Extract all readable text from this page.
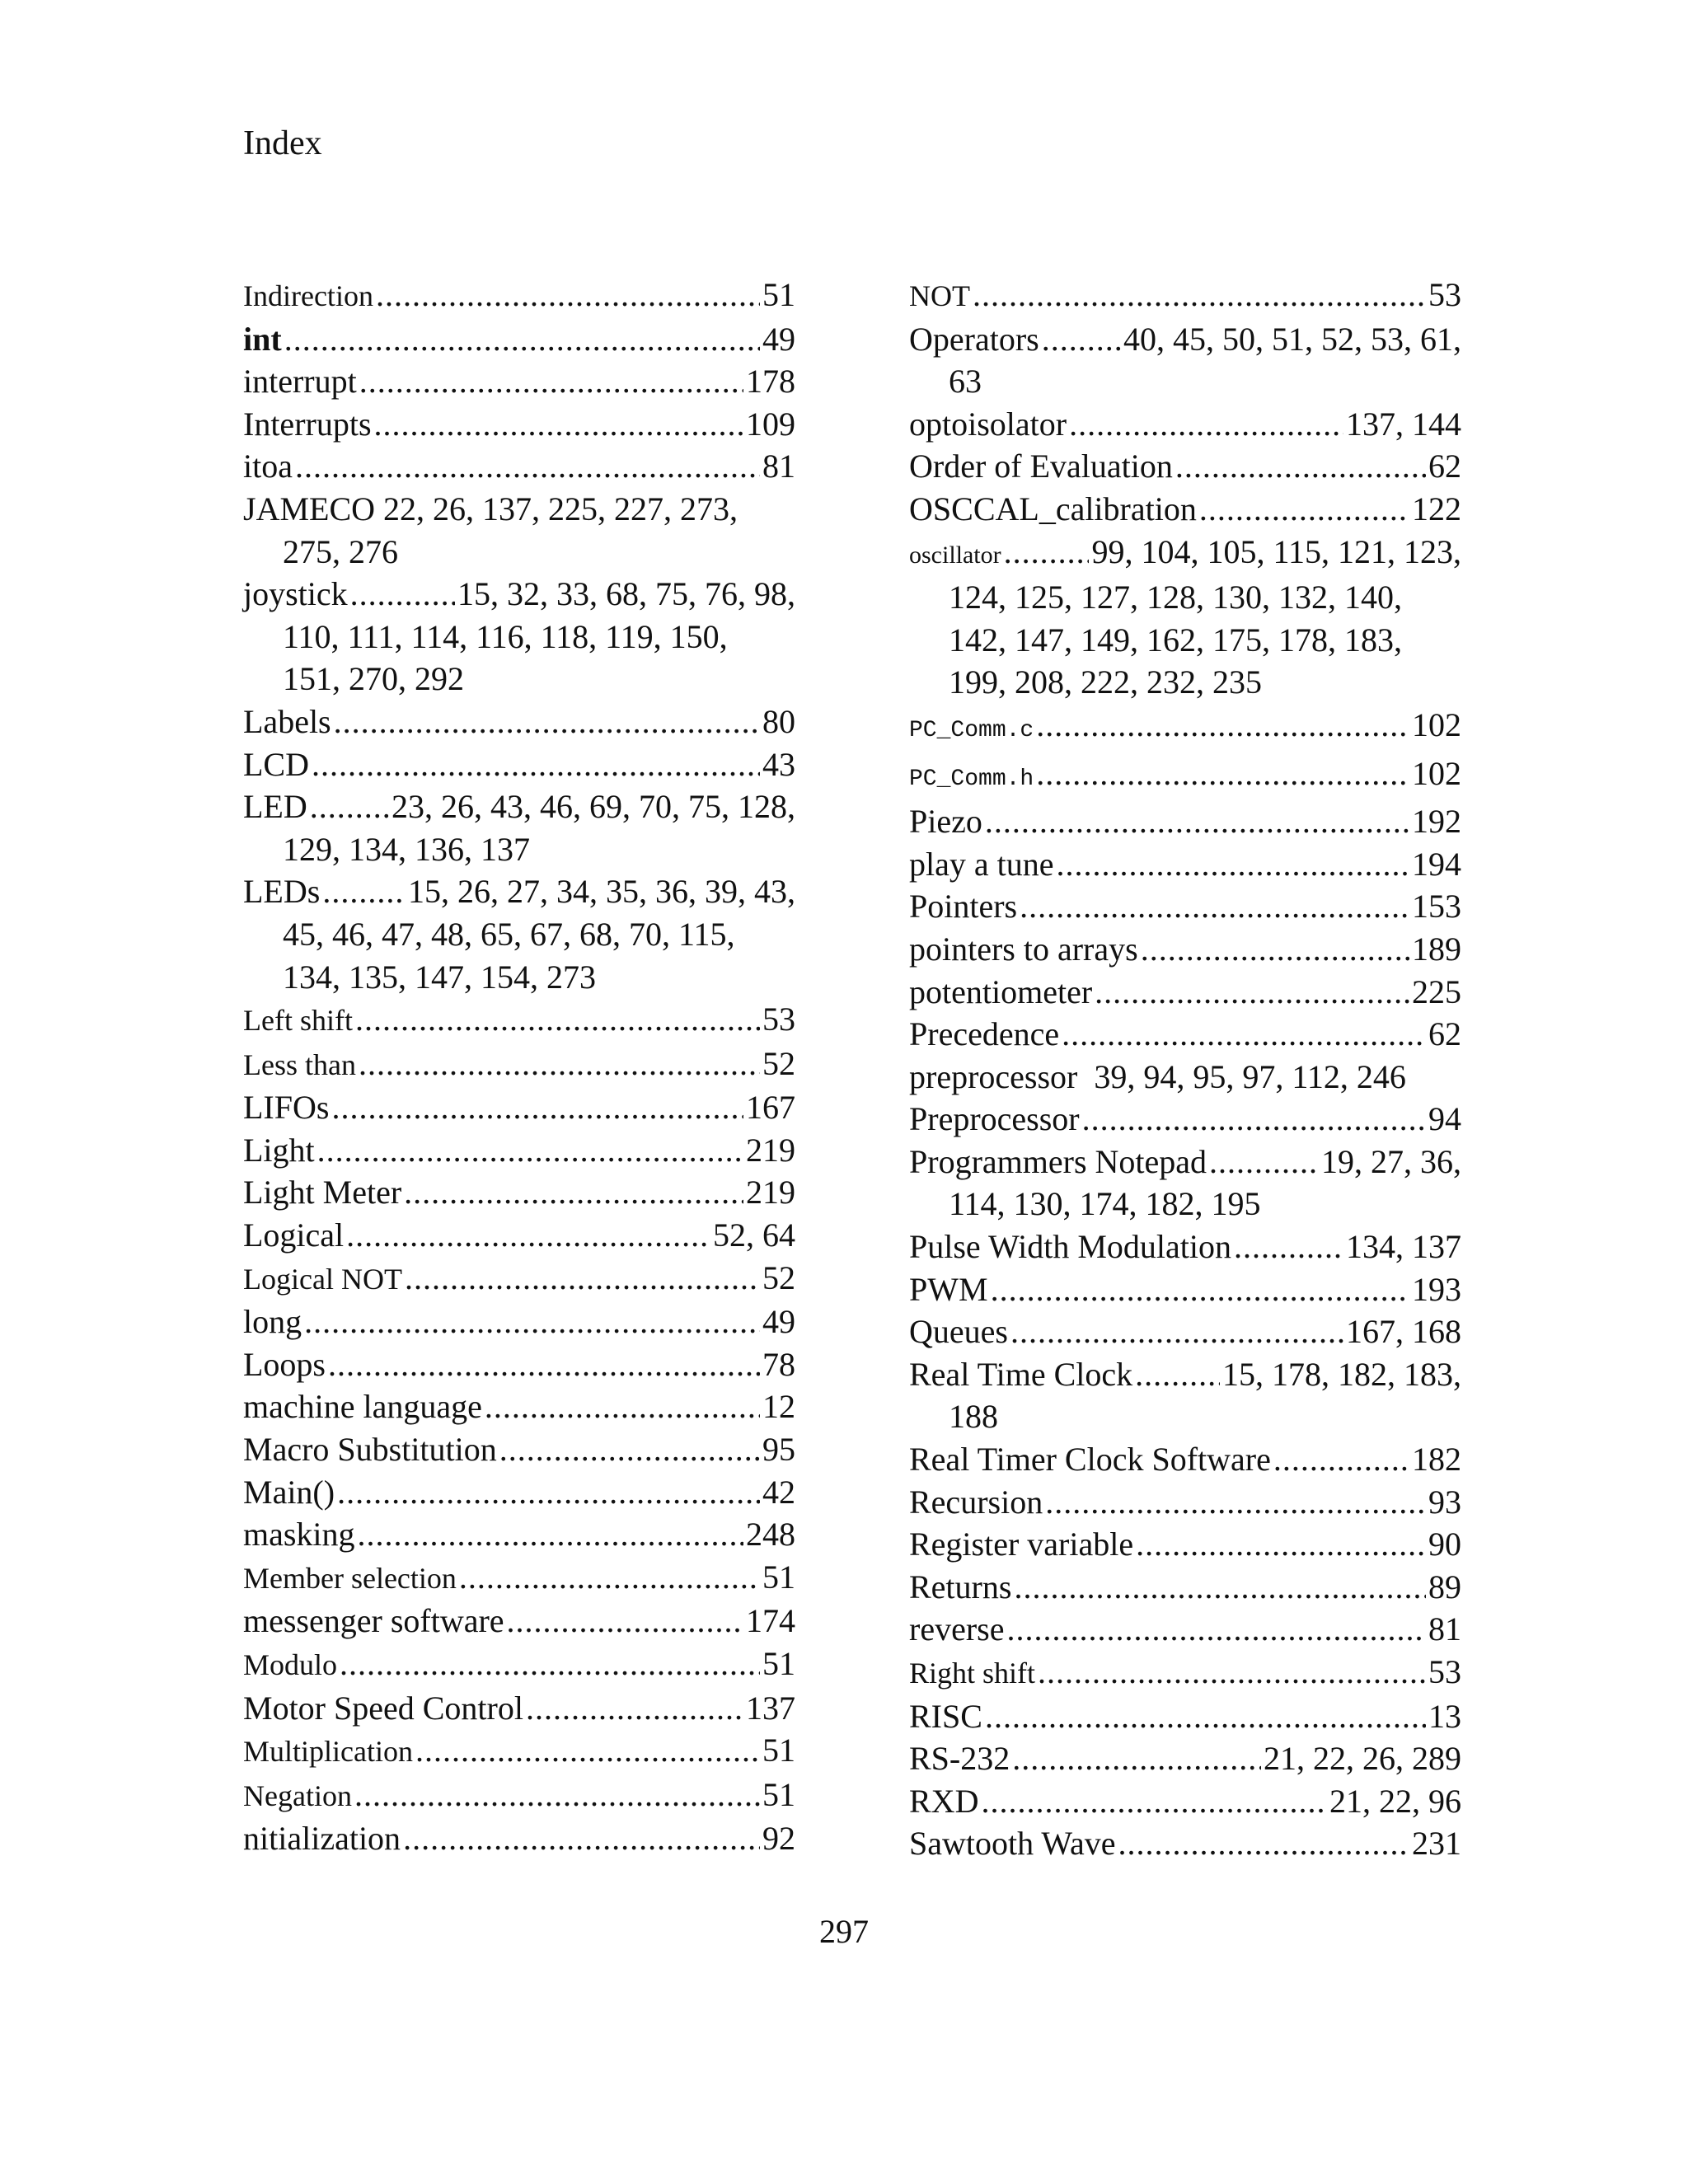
Index
Indirection .....	51
int .....	49
interrupt .....	178
Interrupts .....	109
itoa .....	81
JAMECO 22, 26, 137, 225, 227, 273,
275, 276
joystick .....	15, 32, 33, 68, 75, 76, 98,
110, 111, 114, 116, 118, 119, 150,
151, 270, 292
Labels .....	80
LCD .....	43
LED .....	23, 26, 43, 46, 69, 70, 75, 128,
129, 134, 136, 137
LEDs .....	15, 26, 27, 34, 35, 36, 39, 43,
45, 46, 47, 48, 65, 67, 68, 70, 115,
134, 135, 147, 154, 273
Left shift .....	53
Less than .....	52
LIFOs .....	167
Light .....	219
Light Meter .....	219
Logical .....	52, 64
Logical NOT .....	52
long .....	49
Loops .....	78
machine language .....	12
Macro Substitution .....	95
Main() .....	42
masking .....	248
Member selection .....	51
messenger software .....	174
Modulo .....	51
Motor Speed Control .....	137
Multiplication .....	51
Negation .....	51
nitialization .....	92
NOT .....	53
Operators .....	40, 45, 50, 51, 52, 53, 61,
63
optoisolator .....	137, 144
Order of Evaluation .....	62
OSCCAL_calibration .....	122
oscillator .....	99, 104, 105, 115, 121, 123,
124, 125, 127, 128, 130, 132, 140,
142, 147, 149, 162, 175, 178, 183,
199, 208, 222, 232, 235
PC_Comm.c .....	102
PC_Comm.h .....	102
Piezo .....	192
play a tune .....	194
Pointers .....	153
pointers to arrays .....	189
potentiometer .....	225
Precedence .....	62
preprocessor  39, 94, 95, 97, 112, 246
Preprocessor .....	94
Programmers Notepad .....	19, 27, 36,
114, 130, 174, 182, 195
Pulse Width Modulation .....	134, 137
PWM .....	193
Queues .....	167, 168
Real Time Clock .....	15, 178, 182, 183,
188
Real Timer Clock Software .....	182
Recursion .....	93
Register variable .....	90
Returns .....	89
reverse .....	81
Right shift .....	53
RISC .....	13
RS-232 .....	21, 22, 26, 289
RXD .....	21, 22, 96
Sawtooth Wave .....	231
297
